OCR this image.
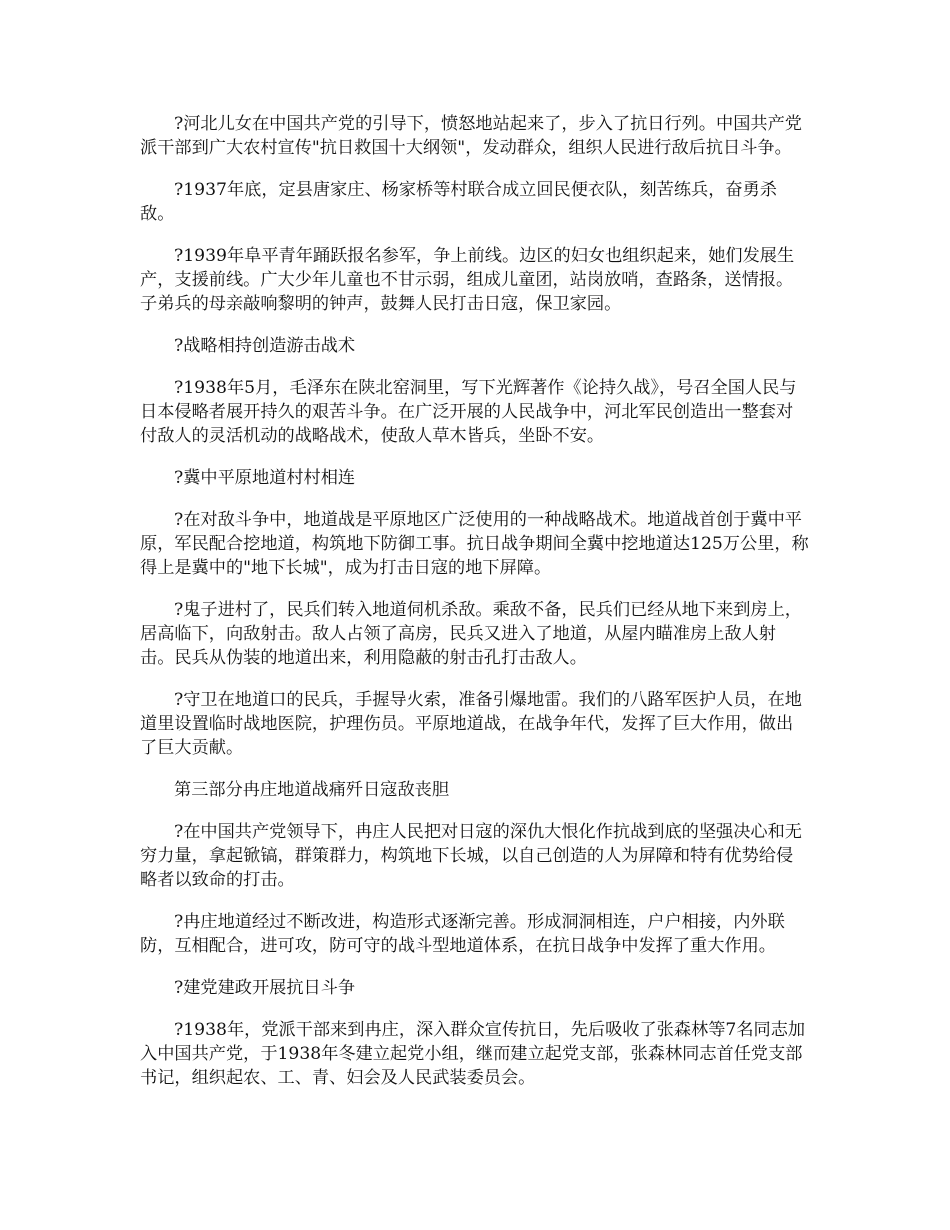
?河北儿女在中国共产党的引导下，愤怒地站起来了，步入了抗日行列。中国共产党派干部到广大农村宣传"抗日救国十大纲领"，发动群众，组织人民进行敌后抗日斗争。

?1937年底，定县唐家庄、杨家桥等村联合成立回民便衣队，刻苦练兵，奋勇杀敌。

?1939年阜平青年踊跃报名参军，争上前线。边区的妇女也组织起来，她们发展生产，支援前线。广大少年儿童也不甘示弱，组成儿童团，站岗放哨，查路条，送情报。子弟兵的母亲敲响黎明的钟声，鼓舞人民打击日寇，保卫家园。

?战略相持创造游击战术

?1938年5月，毛泽东在陕北窑洞里，写下光辉著作《论持久战》，号召全国人民与日本侵略者展开持久的艰苦斗争。在广泛开展的人民战争中，河北军民创造出一整套对付敌人的灵活机动的战略战术，使敌人草木皆兵，坐卧不安。

?冀中平原地道村村相连

?在对敌斗争中，地道战是平原地区广泛使用的一种战略战术。地道战首创于冀中平原，军民配合挖地道，构筑地下防御工事。抗日战争期间全冀中挖地道达125万公里，称得上是冀中的"地下长城"，成为打击日寇的地下屏障。

?鬼子进村了，民兵们转入地道伺机杀敌。乘敌不备，民兵们已经从地下来到房上，居高临下，向敌射击。敌人占领了高房，民兵又进入了地道，从屋内瞄准房上敌人射击。民兵从伪装的地道出来，利用隐蔽的射击孔打击敌人。

?守卫在地道口的民兵，手握导火索，准备引爆地雷。我们的八路军医护人员，在地道里设置临时战地医院，护理伤员。平原地道战，在战争年代，发挥了巨大作用，做出了巨大贡献。

第三部分冉庄地道战痛歼日寇敌丧胆

?在中国共产党领导下，冉庄人民把对日寇的深仇大恨化作抗战到底的坚强决心和无穷力量，拿起锨镐，群策群力，构筑地下长城，以自己创造的人为屏障和特有优势给侵略者以致命的打击。

?冉庄地道经过不断改进，构造形式逐渐完善。形成洞洞相连，户户相接，内外联防，互相配合，进可攻，防可守的战斗型地道体系，在抗日战争中发挥了重大作用。

?建党建政开展抗日斗争

?1938年，党派干部来到冉庄，深入群众宣传抗日，先后吸收了张森林等7名同志加入中国共产党，于1938年冬建立起党小组，继而建立起党支部，张森林同志首任党支部书记，组织起农、工、青、妇会及人民武装委员会。
